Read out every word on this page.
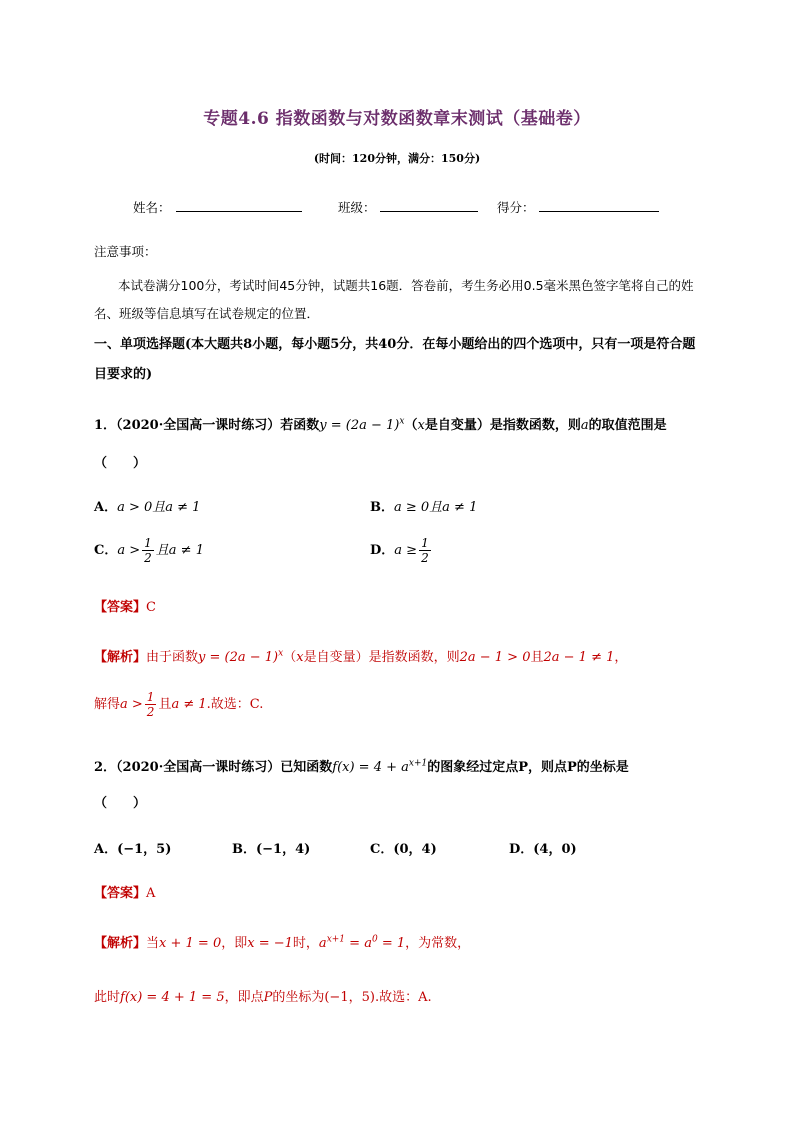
专题4.6 指数函数与对数函数章末测试（基础卷）
(时间：120分钟，满分：150分)
姓名：	班级：	得分：
注意事项：
本试卷满分100分，考试时间45分钟，试题共16题．答卷前，考生务必用0.5毫米黑色签字笔将自己的姓名、班级等信息填写在试卷规定的位置．
一、单项选择题(本大题共8小题，每小题5分，共40分．在每小题给出的四个选项中，只有一项是符合题目要求的)
1．（2020·全国高一课时练习）若函数$y = (2a - 1)^x(x$是自变量）是指数函数，则a的取值范围是
（　　）
A．a > 0且a ≠ 1	B．a ≥ 0且a ≠ 1
C．$a > \frac{1}{2}$ 且a ≠ 1	D．$a \ge \frac{1}{2}$
【答案】C
【解析】由于函数$y = (2a - 1)^x(x$是自变量）是指数函数，则2a − 1 > 0且2a − 1 ≠ 1，
解得$a > \frac{1}{2}$ 且a ≠ 1.故选：C.
2．（2020·全国高一课时练习）已知函数$f(x) = 4 + a^{x+1}$的图象经过定点P，则点P的坐标是
（　　）
A．(−1，5)	B．(−1，4)	C．(0，4)	D．(4，0)
【答案】A
【解析】当x + 1 = 0，即x = −1时，$a^{x+1} = a^0 = 1$，为常数，
此时f(x) = 4 + 1 = 5，即点P的坐标为(−1，5).故选：A.
